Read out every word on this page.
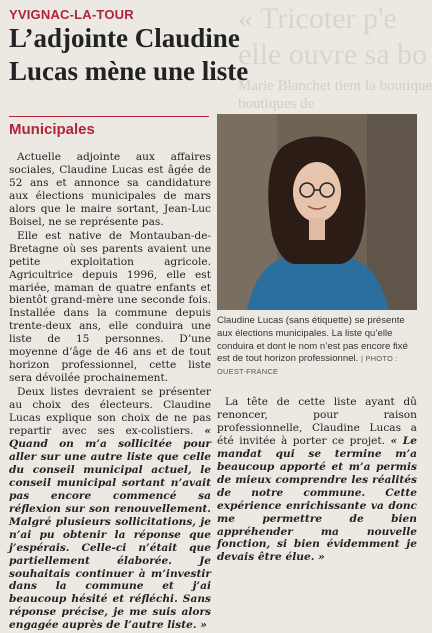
« Tricoter p'e
elle ouvre sa bo
Marie Blanchet tient la boutique
boutiques de
YVIGNAC-LA-TOUR
L’adjointe Claudine Lucas mène une liste
Municipales

Actuelle adjointe aux affaires sociales, Claudine Lucas est âgée de 52 ans et annonce sa candidature aux élections municipales de mars alors que le maire sortant, Jean-Luc Boisel, ne se représente pas.

Elle est native de Montauban-de-Bretagne où ses parents avaient une petite exploitation agricole. Agricultrice depuis 1996, elle est mariée, maman de quatre enfants et bientôt grand-mère une seconde fois. Installée dans la commune depuis trente-deux ans, elle conduira une liste de 15 personnes. D’une moyenne d’âge de 46 ans et de tout horizon professionnel, cette liste sera dévoilée prochainement.

Deux listes devraient se présenter au choix des électeurs. Claudine Lucas explique son choix de ne pas repartir avec ses ex-colistiers. « Quand on m’a sollicitée pour aller sur une autre liste que celle du conseil municipal actuel, le conseil municipal sortant n’avait pas encore commencé sa réflexion sur son renouvellement. Malgré plusieurs sollicitations, je n’ai pu obtenir la réponse que j’espérais. Celle-ci n’était que partiellement élaborée. Je souhaitais continuer à m’investir dans la commune et j’ai beaucoup hésité et réfléchi. Sans réponse précise, je me suis alors engagée auprès de l’autre liste. »

Claudine Lucas (sans étiquette) se présente aux élections municipales. La liste qu’elle conduira et dont le nom n’est pas encore fixé est de tout horizon professionnel. | PHOTO : OUEST-FRANCE

La tête de cette liste ayant dû renoncer, pour raison professionnelle, Claudine Lucas a été invitée à porter ce projet. « Le mandat qui se termine m’a beaucoup apporté et m’a permis de mieux comprendre les réalités de notre commune. Cette expérience enrichissante va donc me permettre de bien appréhender ma nouvelle fonction, si bien évidemment je devais être élue. »
